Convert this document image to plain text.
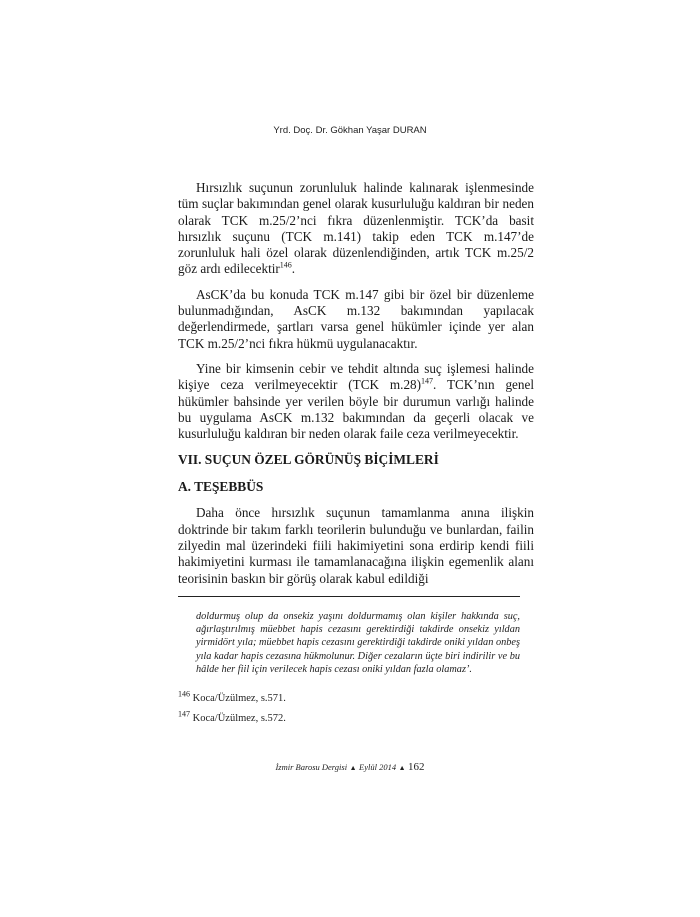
Yrd. Doç. Dr. Gökhan Yaşar DURAN

Hırsızlık suçunun zorunluluk halinde kalınarak işlenmesinde tüm suçlar bakımından genel olarak kusurluluğu kaldıran bir neden olarak TCK m.25/2’nci fıkra düzenlenmiştir. TCK’da basit hırsızlık suçunu (TCK m.141) takip eden TCK m.147’de zorunluluk hali özel olarak düzenlendiğinden, artık TCK m.25/2 göz ardı edilecektir$^{146}$.

AsCK’da bu konuda TCK m.147 gibi bir özel bir düzenleme bulunmadığından, AsCK m.132 bakımından yapılacak değerlendirmede, şartları varsa genel hükümler içinde yer alan TCK m.25/2’nci fıkra hükmü uygulanacaktır.

Yine bir kimsenin cebir ve tehdit altında suç işlemesi halinde kişiye ceza verilmeyecektir (TCK m.28)$^{147}$. TCK’nın genel hükümler bahsinde yer verilen böyle bir durumun varlığı halinde bu uygulama AsCK m.132 bakımından da geçerli olacak ve kusurluluğu kaldıran bir neden olarak faile ceza verilmeyecektir.

VII. SUÇUN ÖZEL GÖRÜNÜŞ BİÇİMLERİ
A. TEŞEBBÜS

Daha önce hırsızlık suçunun tamamlanma anına ilişkin doktrinde bir takım farklı teorilerin bulunduğu ve bunlardan, failin zilyedin mal üzerindeki fiili hakimiyetini sona erdirip kendi fiili hakimiyetini kurması ile tamamlanacağına ilişkin egemenlik alanı teorisinin baskın bir görüş olarak kabul edildiği

doldurmuş olup da onsekiz yaşını doldurmamış olan kişiler hakkında suç, ağırlaştırılmış müebbet hapis cezasını gerektirdiği takdirde onsekiz yıldan yirmidört yıla; müebbet hapis cezasını gerektirdiği takdirde oniki yıldan onbeş yıla kadar hapis cezasına hükmolunur. Diğer cezaların üçte biri indirilir ve bu hâlde her fiil için verilecek hapis cezası oniki yıldan fazla olamaz’.
$^{146}$ Koca/Üzülmez, s.571.
$^{147}$ Koca/Üzülmez, s.572.
İzmir Barosu Dergisi ▲ Eylül 2014 ▲ 162
